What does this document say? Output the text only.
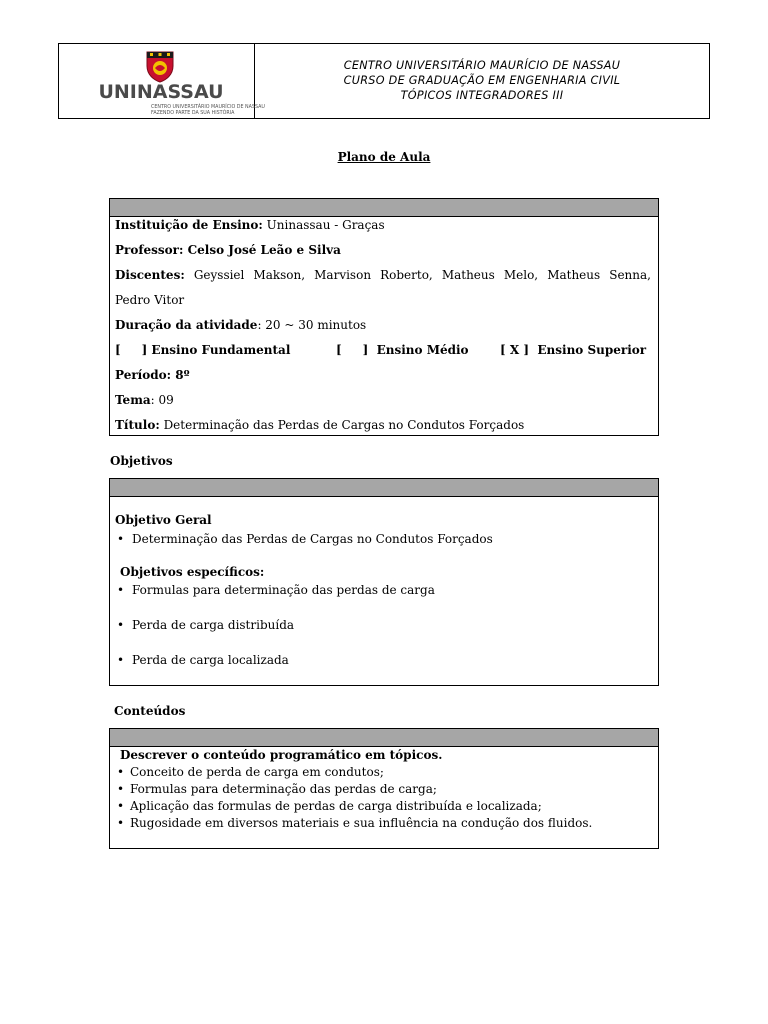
UNINASSAU
CENTRO UNIVERSITÁRIO MAURÍCIO DE NASSAU
FAZENDO PARTE DA SUA HISTÓRIA
CENTRO UNIVERSITÁRIO MAURÍCIO DE NASSAU
CURSO DE GRADUAÇÃO EM ENGENHARIA CIVIL
TÓPICOS INTEGRADORES III
Plano de Aula
Instituição de Ensino: Uninassau - Graças
Professor: Celso José Leão e Silva
Discentes: Geyssiel Makson, Marvison Roberto, Matheus Melo, Matheus Senna,
Pedro Vitor
Duração da atividade: 20 ~ 30 minutos
[     ] Ensino Fundamental	[     ]  Ensino Médio	[ X ]  Ensino Superior
Período: 8º
Tema: 09
Título: Determinação das Perdas de Cargas no Condutos Forçados
Objetivos
Objetivo Geral
• Determinação das Perdas de Cargas no Condutos Forçados
Objetivos específicos:
• Formulas para determinação das perdas de carga
• Perda de carga distribuída
• Perda de carga localizada
Conteúdos
Descrever o conteúdo programático em tópicos.
• Conceito de perda de carga em condutos;
• Formulas para determinação das perdas de carga;
• Aplicação das formulas de perdas de carga distribuída e localizada;
• Rugosidade em diversos materiais e sua influência na condução dos fluidos.
